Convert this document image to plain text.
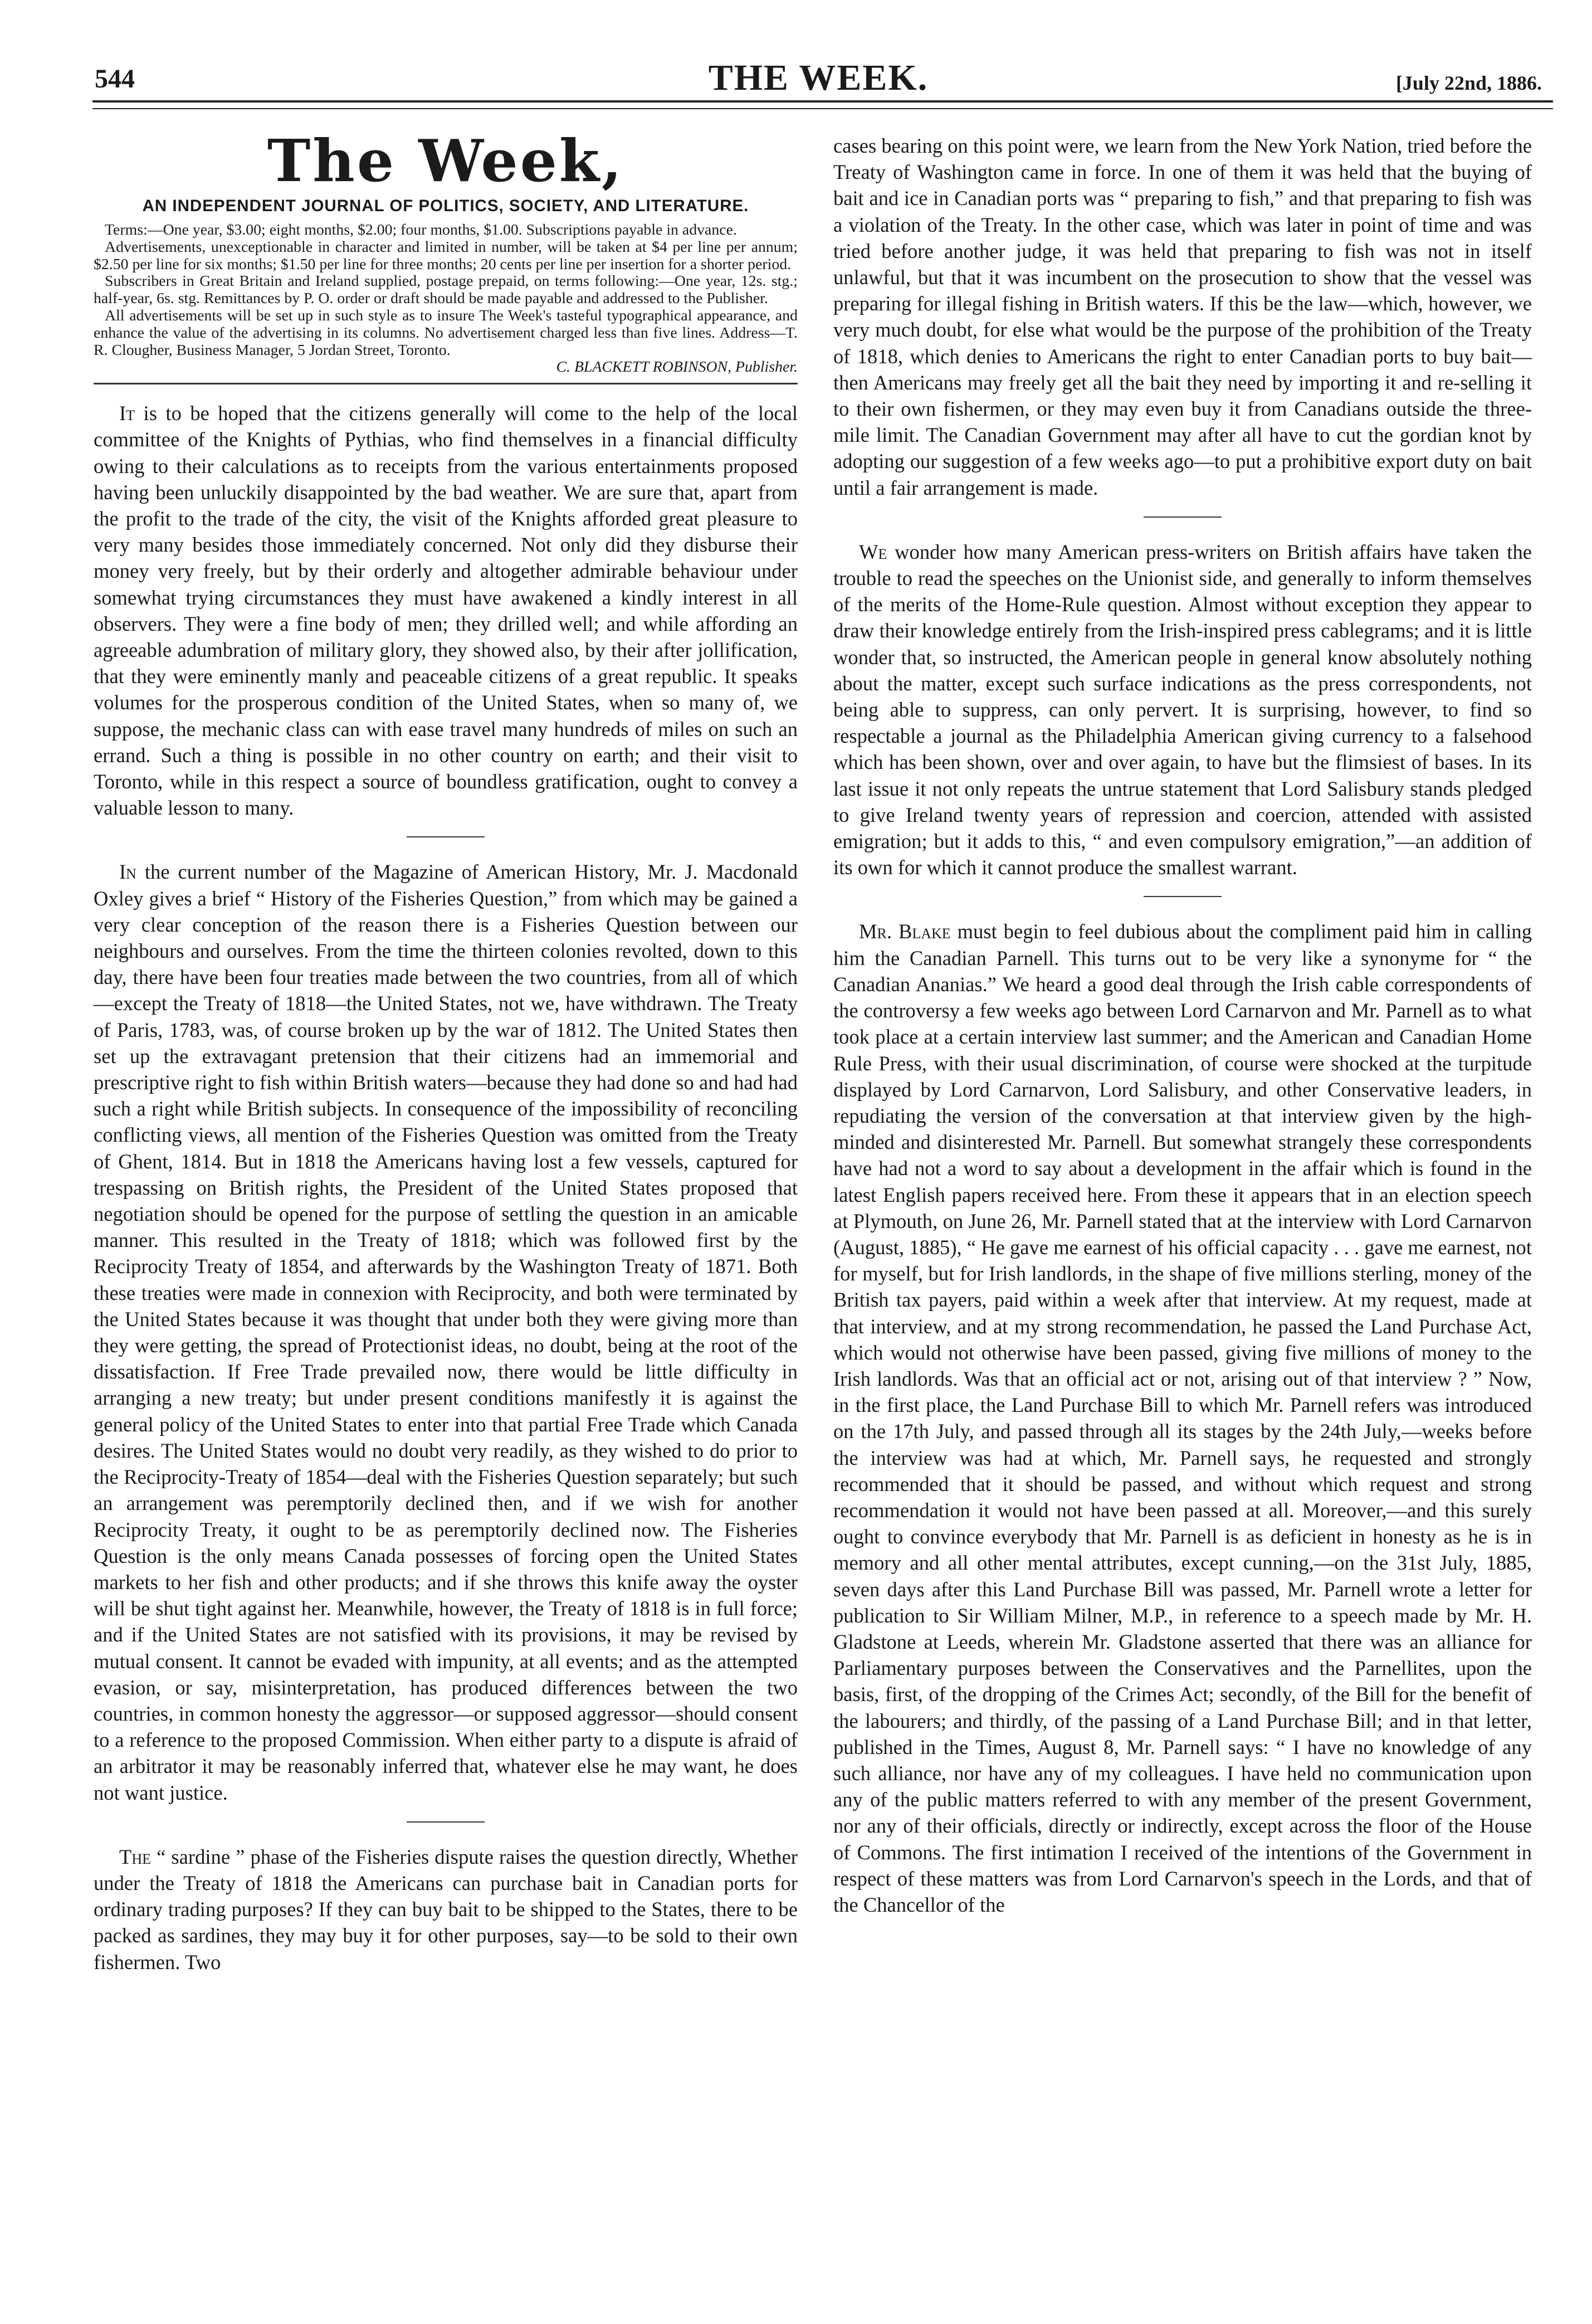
544	THE WEEK.	[July 22nd, 1886.
The Week,
AN INDEPENDENT JOURNAL OF POLITICS, SOCIETY, AND LITERATURE.

Terms:—One year, $3.00; eight months, $2.00; four months, $1.00. Subscriptions payable in advance.

Advertisements, unexceptionable in character and limited in number, will be taken at $4 per line per annum; $2.50 per line for six months; $1.50 per line for three months; 20 cents per line per insertion for a shorter period.

Subscribers in Great Britain and Ireland supplied, postage prepaid, on terms following:—One year, 12s. stg.; half-year, 6s. stg. Remittances by P. O. order or draft should be made payable and addressed to the Publisher.

All advertisements will be set up in such style as to insure The Week's tasteful typographical appearance, and enhance the value of the advertising in its columns. No advertisement charged less than five lines. Address—T. R. Clougher, Business Manager, 5 Jordan Street, Toronto.

C. BLACKETT ROBINSON, Publisher.

It is to be hoped that the citizens generally will come to the help of the local committee of the Knights of Pythias, who find themselves in a financial difficulty owing to their calculations as to receipts from the various entertainments proposed having been unluckily disappointed by the bad weather. We are sure that, apart from the profit to the trade of the city, the visit of the Knights afforded great pleasure to very many besides those immediately concerned. Not only did they disburse their money very freely, but by their orderly and altogether admirable behaviour under somewhat trying circumstances they must have awakened a kindly interest in all observers. They were a fine body of men; they drilled well; and while affording an agreeable adumbration of military glory, they showed also, by their after jollification, that they were eminently manly and peaceable citizens of a great republic. It speaks volumes for the prosperous condition of the United States, when so many of, we suppose, the mechanic class can with ease travel many hundreds of miles on such an errand. Such a thing is possible in no other country on earth; and their visit to Toronto, while in this respect a source of boundless gratification, ought to convey a valuable lesson to many.

In the current number of the Magazine of American History, Mr. J. Macdonald Oxley gives a brief “ History of the Fisheries Question,” from which may be gained a very clear conception of the reason there is a Fisheries Question between our neighbours and ourselves. From the time the thirteen colonies revolted, down to this day, there have been four treaties made between the two countries, from all of which—except the Treaty of 1818—the United States, not we, have withdrawn. The Treaty of Paris, 1783, was, of course broken up by the war of 1812. The United States then set up the extravagant pretension that their citizens had an immemorial and prescriptive right to fish within British waters—because they had done so and had had such a right while British subjects. In consequence of the impossibility of reconciling conflicting views, all mention of the Fisheries Question was omitted from the Treaty of Ghent, 1814. But in 1818 the Americans having lost a few vessels, captured for trespassing on British rights, the President of the United States proposed that negotiation should be opened for the purpose of settling the question in an amicable manner. This resulted in the Treaty of 1818; which was followed first by the Reciprocity Treaty of 1854, and afterwards by the Washington Treaty of 1871. Both these treaties were made in connexion with Reciprocity, and both were terminated by the United States because it was thought that under both they were giving more than they were getting, the spread of Protectionist ideas, no doubt, being at the root of the dissatisfaction. If Free Trade prevailed now, there would be little difficulty in arranging a new treaty; but under present conditions manifestly it is against the general policy of the United States to enter into that partial Free Trade which Canada desires. The United States would no doubt very readily, as they wished to do prior to the Reciprocity-Treaty of 1854—deal with the Fisheries Question separately; but such an arrangement was peremptorily declined then, and if we wish for another Reciprocity Treaty, it ought to be as peremptorily declined now. The Fisheries Question is the only means Canada possesses of forcing open the United States markets to her fish and other products; and if she throws this knife away the oyster will be shut tight against her. Meanwhile, however, the Treaty of 1818 is in full force; and if the United States are not satisfied with its provisions, it may be revised by mutual consent. It cannot be evaded with impunity, at all events; and as the attempted evasion, or say, misinterpretation, has produced differences between the two countries, in common honesty the aggressor—or supposed aggressor—should consent to a reference to the proposed Commission. When either party to a dispute is afraid of an arbitrator it may be reasonably inferred that, whatever else he may want, he does not want justice.

The “ sardine ” phase of the Fisheries dispute raises the question directly, Whether under the Treaty of 1818 the Americans can purchase bait in Canadian ports for ordinary trading purposes? If they can buy bait to be shipped to the States, there to be packed as sardines, they may buy it for other purposes, say—to be sold to their own fishermen. Two

cases bearing on this point were, we learn from the New York Nation, tried before the Treaty of Washington came in force. In one of them it was held that the buying of bait and ice in Canadian ports was “ preparing to fish,” and that preparing to fish was a violation of the Treaty. In the other case, which was later in point of time and was tried before another judge, it was held that preparing to fish was not in itself unlawful, but that it was incumbent on the prosecution to show that the vessel was preparing for illegal fishing in British waters. If this be the law—which, however, we very much doubt, for else what would be the purpose of the prohibition of the Treaty of 1818, which denies to Americans the right to enter Canadian ports to buy bait—then Americans may freely get all the bait they need by importing it and re-selling it to their own fishermen, or they may even buy it from Canadians outside the three-mile limit. The Canadian Government may after all have to cut the gordian knot by adopting our suggestion of a few weeks ago—to put a prohibitive export duty on bait until a fair arrangement is made.

We wonder how many American press-writers on British affairs have taken the trouble to read the speeches on the Unionist side, and generally to inform themselves of the merits of the Home-Rule question. Almost without exception they appear to draw their knowledge entirely from the Irish-inspired press cablegrams; and it is little wonder that, so instructed, the American people in general know absolutely nothing about the matter, except such surface indications as the press correspondents, not being able to suppress, can only pervert. It is surprising, however, to find so respectable a journal as the Philadelphia American giving currency to a falsehood which has been shown, over and over again, to have but the flimsiest of bases. In its last issue it not only repeats the untrue statement that Lord Salisbury stands pledged to give Ireland twenty years of repression and coercion, attended with assisted emigration; but it adds to this, “ and even compulsory emigration,”—an addition of its own for which it cannot produce the smallest warrant.

Mr. Blake must begin to feel dubious about the compliment paid him in calling him the Canadian Parnell. This turns out to be very like a synonyme for “ the Canadian Ananias.” We heard a good deal through the Irish cable correspondents of the controversy a few weeks ago between Lord Carnarvon and Mr. Parnell as to what took place at a certain interview last summer; and the American and Canadian Home Rule Press, with their usual discrimination, of course were shocked at the turpitude displayed by Lord Carnarvon, Lord Salisbury, and other Conservative leaders, in repudiating the version of the conversation at that interview given by the high-minded and disinterested Mr. Parnell. But somewhat strangely these correspondents have had not a word to say about a development in the affair which is found in the latest English papers received here. From these it appears that in an election speech at Plymouth, on June 26, Mr. Parnell stated that at the interview with Lord Carnarvon (August, 1885), “ He gave me earnest of his official capacity . . . gave me earnest, not for myself, but for Irish landlords, in the shape of five millions sterling, money of the British tax payers, paid within a week after that interview. At my request, made at that interview, and at my strong recommendation, he passed the Land Purchase Act, which would not otherwise have been passed, giving five millions of money to the Irish landlords. Was that an official act or not, arising out of that interview ? ” Now, in the first place, the Land Purchase Bill to which Mr. Parnell refers was introduced on the 17th July, and passed through all its stages by the 24th July,—weeks before the interview was had at which, Mr. Parnell says, he requested and strongly recommended that it should be passed, and without which request and strong recommendation it would not have been passed at all. Moreover,—and this surely ought to convince everybody that Mr. Parnell is as deficient in honesty as he is in memory and all other mental attributes, except cunning,—on the 31st July, 1885, seven days after this Land Purchase Bill was passed, Mr. Parnell wrote a letter for publication to Sir William Milner, M.P., in reference to a speech made by Mr. H. Gladstone at Leeds, wherein Mr. Gladstone asserted that there was an alliance for Parliamentary purposes between the Conservatives and the Parnellites, upon the basis, first, of the dropping of the Crimes Act; secondly, of the Bill for the benefit of the labourers; and thirdly, of the passing of a Land Purchase Bill; and in that letter, published in the Times, August 8, Mr. Parnell says: “ I have no knowledge of any such alliance, nor have any of my colleagues. I have held no communication upon any of the public matters referred to with any member of the present Government, nor any of their officials, directly or indirectly, except across the floor of the House of Commons. The first intimation I received of the intentions of the Government in respect of these matters was from Lord Carnarvon's speech in the Lords, and that of the Chancellor of the
